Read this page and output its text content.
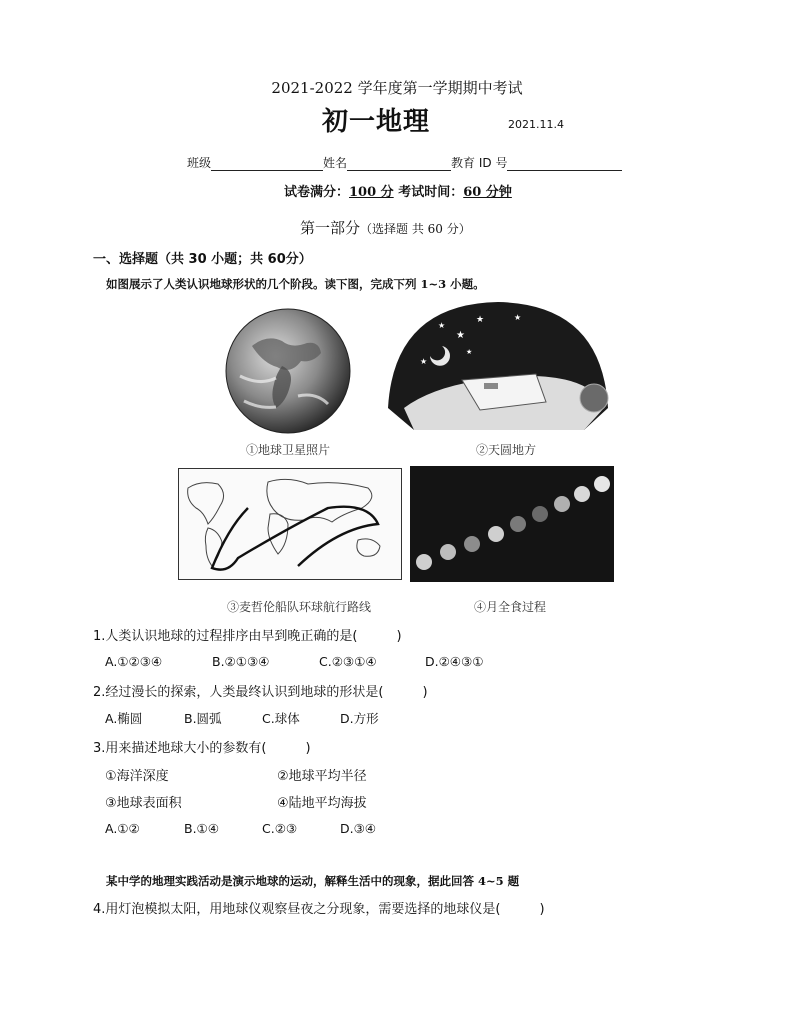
2021-2022 学年度第一学期期中考试
初一地理	2021.11.4
班级	姓名	教育 ID 号
试卷满分：100 分 考试时间：60 分钟
第一部分（选择题 共 60 分）
一、选择题（共 30 小题；共 60分）
如图展示了人类认识地球形状的几个阶段。读下图，完成下列 1~3 小题。
①地球卫星照片
★
★
★	★
★
★
②天圆地方
③麦哲伦船队环球航行路线	④月全食过程
1.人类认识地球的过程排序由早到晚正确的是(　　　)
A.①②③④	B.②①③④	C.②③①④	D.②④③①
2.经过漫长的探索，人类最终认识到地球的形状是(　　　)
A.椭圆	B.圆弧	C.球体	D.方形
3.用来描述地球大小的参数有(　　　)
①海洋深度	②地球平均半径
③地球表面积	④陆地平均海拔
A.①②	B.①④	C.②③	D.③④
某中学的地理实践活动是演示地球的运动，解释生活中的现象，据此回答 4~5 题
4.用灯泡模拟太阳，用地球仪观察昼夜之分现象，需要选择的地球仪是(　　　)
